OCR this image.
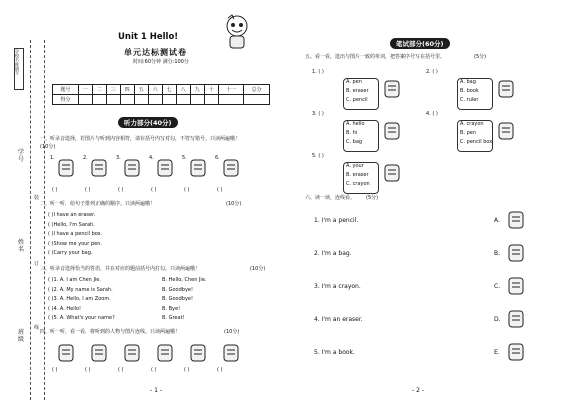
学校名称填写
学号
姓名
班级
装
订
线
Unit 1 Hello!
单元达标测试卷
时间:60分钟 满分:100分
题号	一	二	三	四	五	六	七	八	九	十	十一	总分
得分												
听力部分(40分)
一、听录音选择，若图片与听到内容相符，请在括号内写对勾，不符写错号。只读两遍哦！
(10分)
二、听一听，给句子排列正确的顺序。只读两遍哦！	(10分)
三、听录音选择恰当的答语，并在对应的题前括号内打勾。只读两遍哦！	(10分)
四、听一听，看一看，将听到的人物与图片连线。只读两遍哦！	(10分)
- 1 -
笔试部分(60分)
五、看一看，选出与图片一致的单词，把答案序号写在括号里。	(5分)
六、读一读，连线看。 (5分)
- 2 -
1.
( )
2.
( )
3.
( )
4.
( )
5.
( )
6.
( )
( )I have an eraser.
( )Hello, I'm Sarah.
( )I have a pencil box.
( )Show me your pen.
( )Carry your bag.
( )1. A. I am Chen Jie.	B. Hello, Chen Jie.
( )2. A. My name is Sarah.	B. Goodbye!
( )3. A. Hello, I am Zoom.	B. Goodbye!
( )4. A. Hello!	B. Bye!
( )5. A. What's your name?	B. Great!
( )	( )	( )	( )	( )	( )
1. ( )
A. pen
B. eraser
C. pencil
2. ( )
A. bag
B. book
C. ruler
3. ( )
A. hello
B. hi
C. bag
4. ( )
A. crayon
B. pen
C. pencil box
5. ( )
A. your
B. eraser
C. crayon
1. I'm a pencil.	A.
2. I'm a bag.	B.
3. I'm a crayon.	C.
4. I'm an eraser.	D.
5. I'm a book.	E.
